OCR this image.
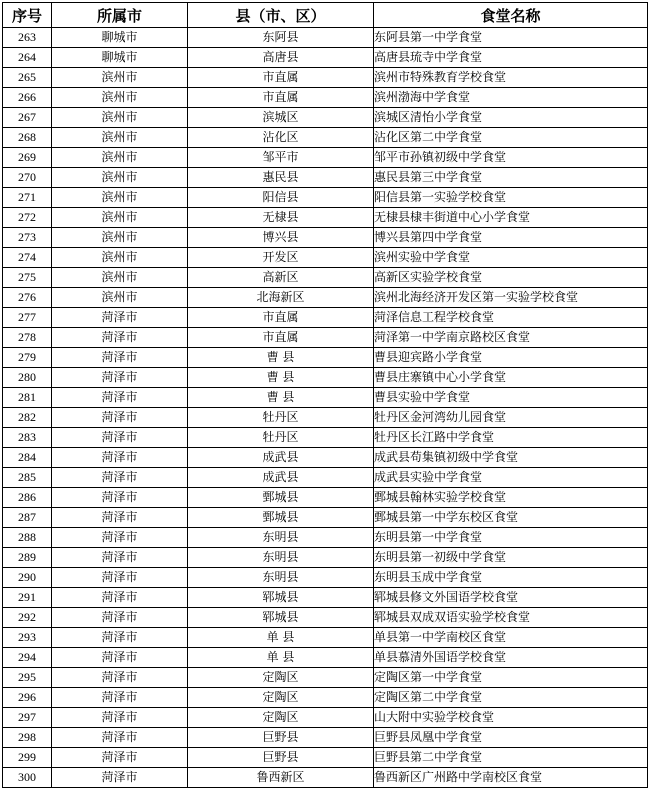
序号	所属市	县（市、区）	食堂名称
263	聊城市	东阿县	东阿县第一中学食堂
264	聊城市	高唐县	高唐县琉寺中学食堂
265	滨州市	市直属	滨州市特殊教育学校食堂
266	滨州市	市直属	滨州渤海中学食堂
267	滨州市	滨城区	滨城区清怡小学食堂
268	滨州市	沾化区	沾化区第二中学食堂
269	滨州市	邹平市	邹平市孙镇初级中学食堂
270	滨州市	惠民县	惠民县第三中学食堂
271	滨州市	阳信县	阳信县第一实验学校食堂
272	滨州市	无棣县	无棣县棣丰街道中心小学食堂
273	滨州市	博兴县	博兴县第四中学食堂
274	滨州市	开发区	滨州实验中学食堂
275	滨州市	高新区	高新区实验学校食堂
276	滨州市	北海新区	滨州北海经济开发区第一实验学校食堂
277	菏泽市	市直属	菏泽信息工程学校食堂
278	菏泽市	市直属	菏泽第一中学南京路校区食堂
279	菏泽市	曹 县	曹县迎宾路小学食堂
280	菏泽市	曹 县	曹县庄寨镇中心小学食堂
281	菏泽市	曹 县	曹县实验中学食堂
282	菏泽市	牡丹区	牡丹区金河湾幼儿园食堂
283	菏泽市	牡丹区	牡丹区长江路中学食堂
284	菏泽市	成武县	成武县苟集镇初级中学食堂
285	菏泽市	成武县	成武县实验中学食堂
286	菏泽市	鄄城县	鄄城县翰林实验学校食堂
287	菏泽市	鄄城县	鄄城县第一中学东校区食堂
288	菏泽市	东明县	东明县第一中学食堂
289	菏泽市	东明县	东明县第一初级中学食堂
290	菏泽市	东明县	东明县玉成中学食堂
291	菏泽市	郓城县	郓城县修文外国语学校食堂
292	菏泽市	郓城县	郓城县双成双语实验学校食堂
293	菏泽市	单 县	单县第一中学南校区食堂
294	菏泽市	单 县	单县慕清外国语学校食堂
295	菏泽市	定陶区	定陶区第一中学食堂
296	菏泽市	定陶区	定陶区第二中学食堂
297	菏泽市	定陶区	山大附中实验学校食堂
298	菏泽市	巨野县	巨野县凤凰中学食堂
299	菏泽市	巨野县	巨野县第二中学食堂
300	菏泽市	鲁西新区	鲁西新区广州路中学南校区食堂
